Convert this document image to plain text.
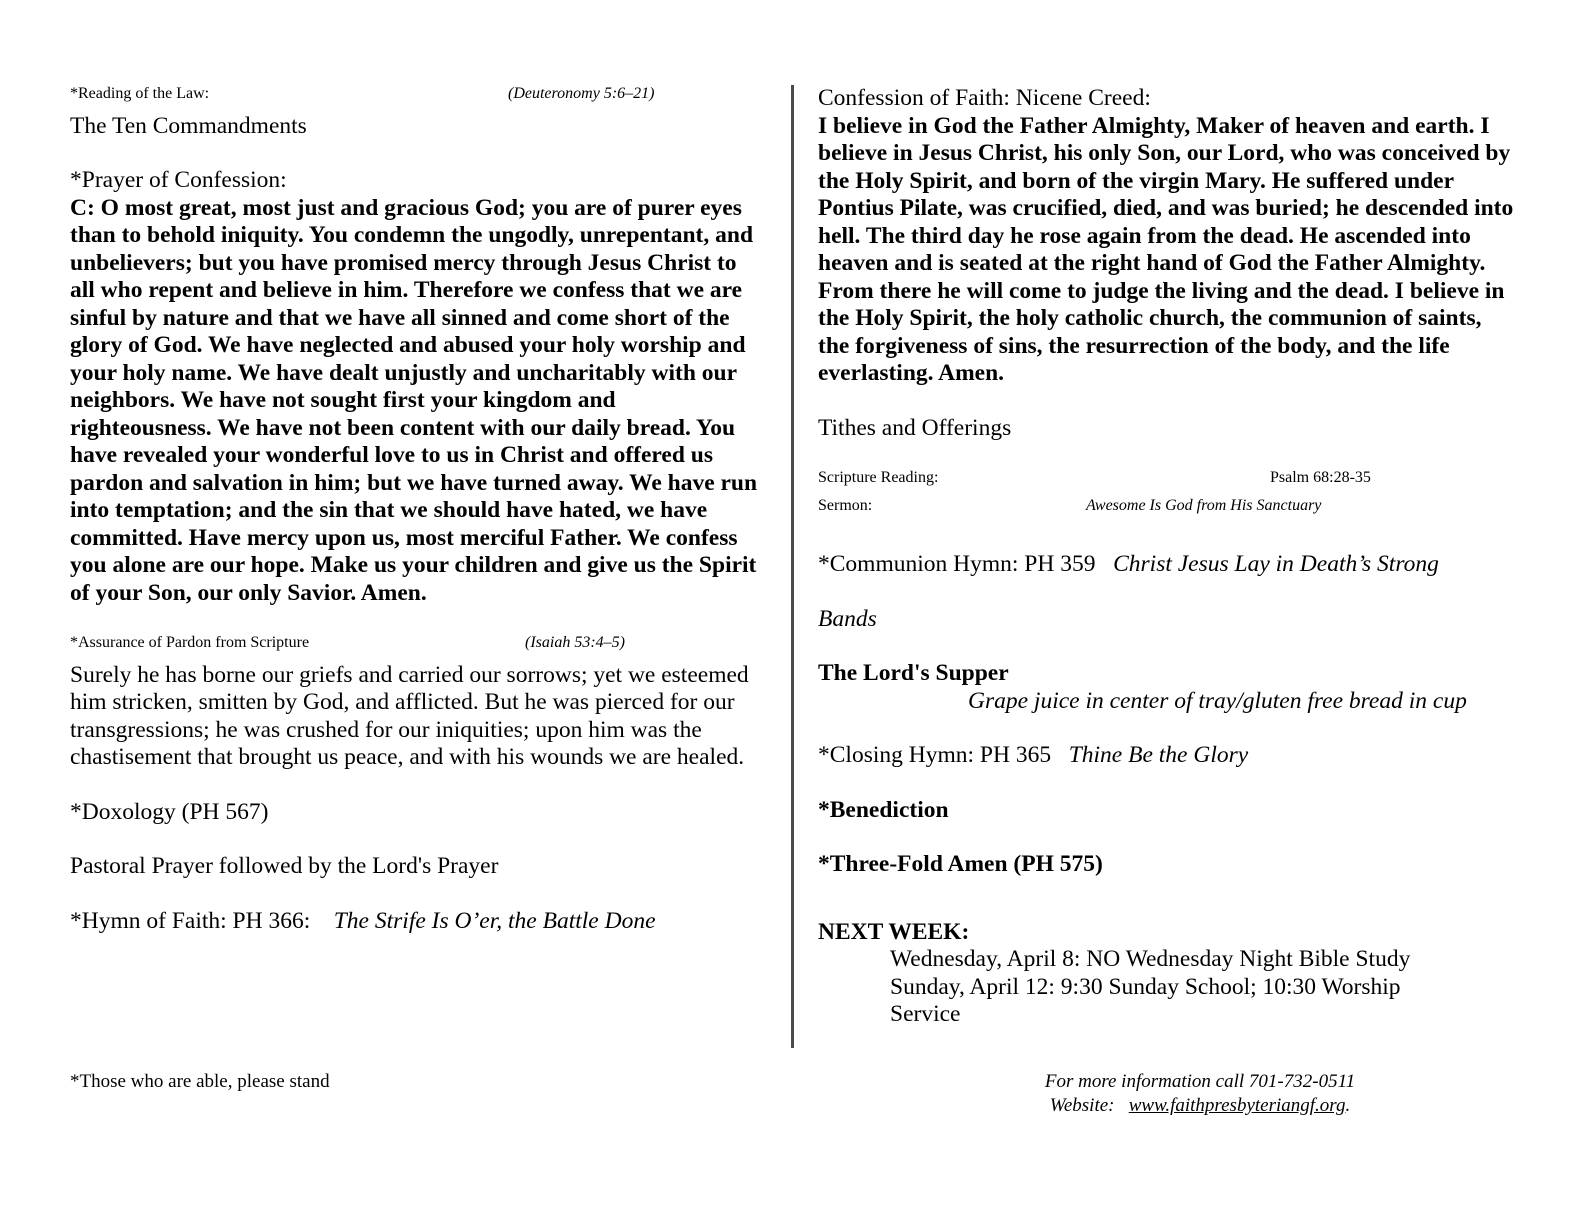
*Reading of the Law:	(Deuteronomy 5:6–21)
The Ten Commandments
*Prayer of Confession:
C: O most great, most just and gracious God; you are of purer eyes than to behold iniquity. You condemn the ungodly, unrepentant, and unbelievers; but you have promised mercy through Jesus Christ to all who repent and believe in him. Therefore we confess that we are sinful by nature and that we have all sinned and come short of the glory of God. We have neglected and abused your holy worship and your holy name. We have dealt unjustly and uncharitably with our neighbors. We have not sought first your kingdom and righteousness. We have not been content with our daily bread. You have revealed your wonderful love to us in Christ and offered us pardon and salvation in him; but we have turned away. We have run into temptation; and the sin that we should have hated, we have committed. Have mercy upon us, most merciful Father. We confess you alone are our hope. Make us your children and give us the Spirit of your Son, our only Savior. Amen.
*Assurance of Pardon from Scripture	(Isaiah 53:4–5)
Surely he has borne our griefs and carried our sorrows; yet we esteemed him stricken, smitten by God, and afflicted. But he was pierced for our transgressions; he was crushed for our iniquities; upon him was the chastisement that brought us peace, and with his wounds we are healed.
*Doxology (PH 567)
Pastoral Prayer followed by the Lord's Prayer
*Hymn of Faith: PH 366: The Strife Is O’er, the Battle Done
Confession of Faith: Nicene Creed:
I believe in God the Father Almighty, Maker of heaven and earth. I believe in Jesus Christ, his only Son, our Lord, who was conceived by the Holy Spirit, and born of the virgin Mary. He suffered under Pontius Pilate, was crucified, died, and was buried; he descended into hell. The third day he rose again from the dead. He ascended into heaven and is seated at the right hand of God the Father Almighty. From there he will come to judge the living and the dead. I believe in the Holy Spirit, the holy catholic church, the communion of saints, the forgiveness of sins, the resurrection of the body, and the life everlasting. Amen.
Tithes and Offerings
Scripture Reading:	Psalm 68:28-35
Sermon:	Awesome Is God from His Sanctuary
*Communion Hymn: PH 359 Christ Jesus Lay in Death’s Strong
Bands
The Lord's Supper
Grape juice in center of tray/gluten free bread in cup
*Closing Hymn: PH 365 Thine Be the Glory
*Benediction
*Three-Fold Amen (PH 575)
NEXT WEEK:
Wednesday, April 8: NO Wednesday Night Bible Study
Sunday, April 12: 9:30 Sunday School; 10:30 Worship
Service
*Those who are able, please stand	For more information call 701-732-0511
Website: www.faithpresbyteriangf.org.
